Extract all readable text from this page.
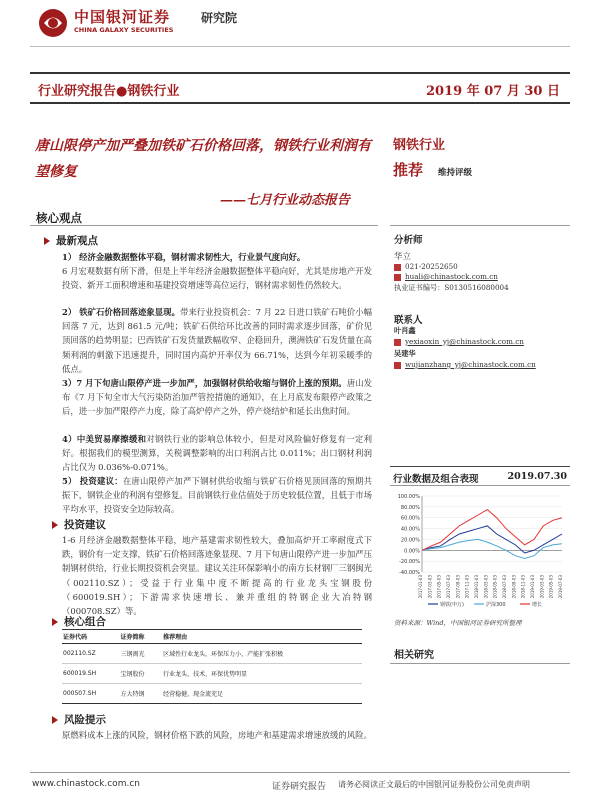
中国银河证券
CHINA GALAXY SECURITIES
研究院
行业研究报告●钢铁行业	2019 年 07 月 30 日
唐山限停产加严叠加铁矿石价格回落，钢铁行业利润有望修复
——七月行业动态报告
核心观点
最新观点
1） 经济金融数据整体平稳，钢材需求韧性大，行业景气度向好。
6 月宏观数据有所下滑，但是上半年经济金融数据整体平稳向好，尤其是房地产开发投资、新开工面积增速和基建投资增速等高位运行，钢材需求韧性仍然较大。
2） 铁矿石价格回落迹象显现。带来行业投资机会：7 月 22 日进口铁矿石吨价小幅回落 7 元，达到 861.5 元/吨；铁矿石供给环比改善的同时需求逐步回落，矿价见顶回落的趋势明显；巴西铁矿石发货量跌幅收窄、企稳回升，澳洲铁矿石发货量在高频利润的刺激下迅速提升，同时国内高炉开率仅为 66.71%，达到今年初采暖季的低点。
3）7 月下旬唐山限停产进一步加严，加强钢材供给收缩与钢价上涨的预期。唐山发布《7 月下旬全市大气污染防治加严管控措施的通知》，在上月底发布限停产政策之后，进一步加严限停产力度，除了高炉停产之外，停产烧结炉和延长出焦时间。
4）中美贸易摩擦缓和对钢铁行业的影响总体较小，但是对风险偏好修复有一定利好。根据我们的模型测算，关税调整影响的出口利润占比 0.011%；出口钢材利润占比仅为 0.036%-0.071%。
5） 投资建议：在唐山限停产加严下钢材供给收缩与铁矿石价格见顶回落的预期共振下，钢铁企业的利润有望修复。目前钢铁行业估值处于历史较低位置，且低于市场平均水平，投资安全边际较高。
投资建议
1-6 月经济金融数据整体平稳，地产基建需求韧性较大，叠加高炉开工率耐度式下跌，钢价有一定支撑，铁矿石价格回落迹象显现、7 月下旬唐山限停产进一步加严压制钢材供给，行业长期投资机会突显。建议关注环保影响小的南方长材钢厂三钢闽光（002110.SZ）；受益于行业集中度不断提高的行业龙头宝钢股份（600019.SH）；下游需求快速增长、兼并重组的特钢企业大冶特钢（000708.SZ）等。
核心组合
证券代码	证券简称	推荐理由
002110.SZ	三钢闽光	区域性行业龙头，环保压力小，产能扩张积极
600019.SH	宝钢股份	行业龙头，技术、环保优势明显
000507.SH	方大特钢	经营稳健，现金流充足
风险提示
原燃料成本上涨的风险，钢材价格下跌的风险，房地产和基建需求增速放缓的风险。
钢铁行业
推荐 维持评级
分析师
华立
021-20252650
huali@chinastock.com.cn
执业证书编号：S0130516080004
联系人
叶肖鑫
yexiaoxin_yj@chinastock.com.cn
吴建华
wujianzhang_yj@chinastock.com.cn
行业数据及组合表现	2019.07.30
100.00%
80.00%
60.00%
40.00%
20.00%
0.00%
-20.00%
-40.00%
2017-01-03 2017-03-03 2017-05-03 2017-07-03 2017-09-03 2017-11-03 2018-01-03 2018-03-03 2018-05-03 2018-07-03 2018-09-03 2018-11-03 2019-01-03 2019-03-03 2019-05-03 2019-07-03
钢铁(申万)	沪深300	增长
资料来源：Wind，中国银河证券研究所整理
相关研究
www.chinastock.com.cn	证券研究报告 请务必阅读正文最后的中国银河证券股份公司免责声明
